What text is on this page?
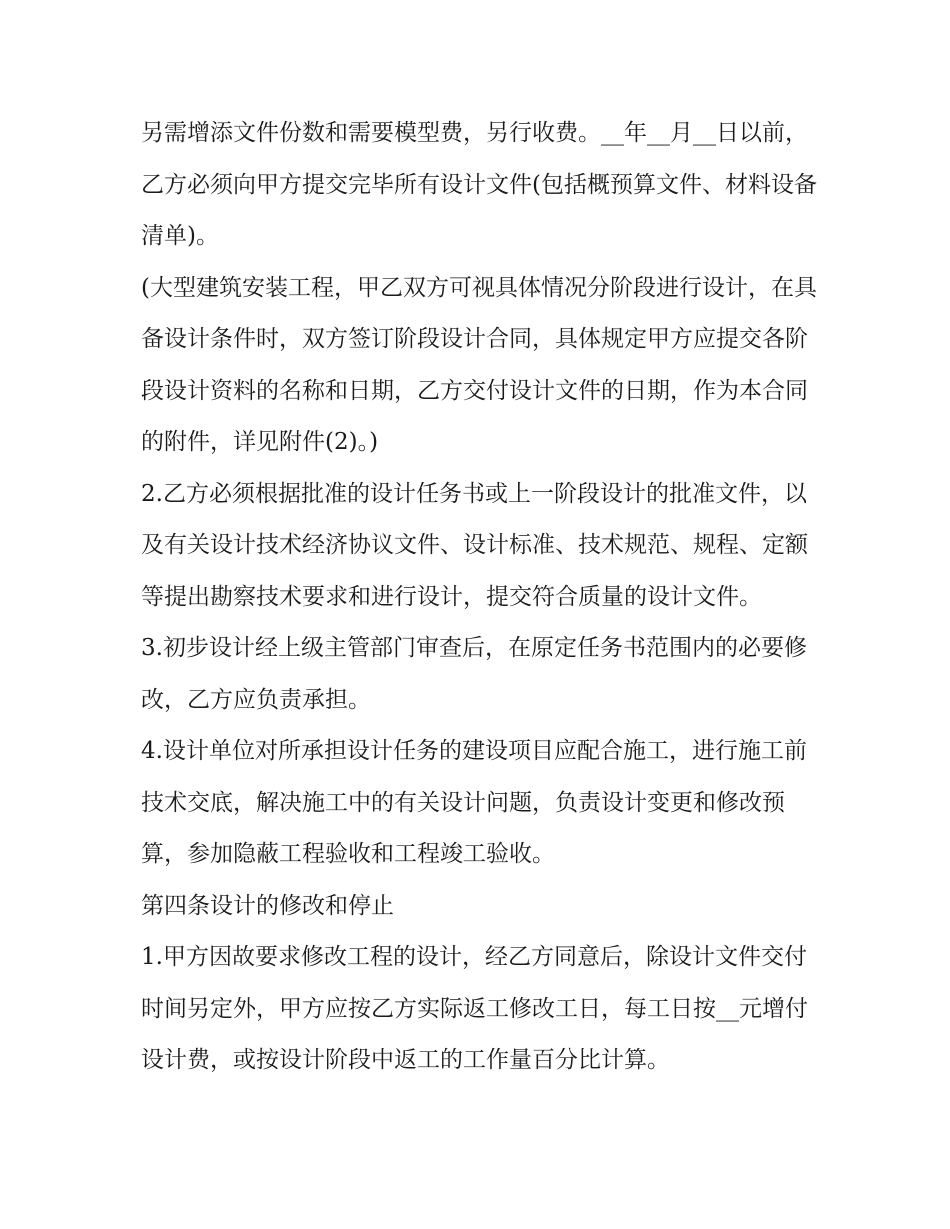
另需增添文件份数和需要模型费，另行收费。__年__月__日以前，乙方必须向甲方提交完毕所有设计文件(包括概预算文件、材料设备清单)。

(大型建筑安装工程，甲乙双方可视具体情况分阶段进行设计，在具备设计条件时，双方签订阶段设计合同，具体规定甲方应提交各阶段设计资料的名称和日期，乙方交付设计文件的日期，作为本合同的附件，详见附件(2)。)

2.乙方必须根据批准的设计任务书或上一阶段设计的批准文件，以及有关设计技术经济协议文件、设计标准、技术规范、规程、定额等提出勘察技术要求和进行设计，提交符合质量的设计文件。

3.初步设计经上级主管部门审查后，在原定任务书范围内的必要修改，乙方应负责承担。

4.设计单位对所承担设计任务的建设项目应配合施工，进行施工前技术交底，解决施工中的有关设计问题，负责设计变更和修改预算，参加隐蔽工程验收和工程竣工验收。

第四条设计的修改和停止

1.甲方因故要求修改工程的设计，经乙方同意后，除设计文件交付时间另定外，甲方应按乙方实际返工修改工日，每工日按__元增付设计费，或按设计阶段中返工的工作量百分比计算。
